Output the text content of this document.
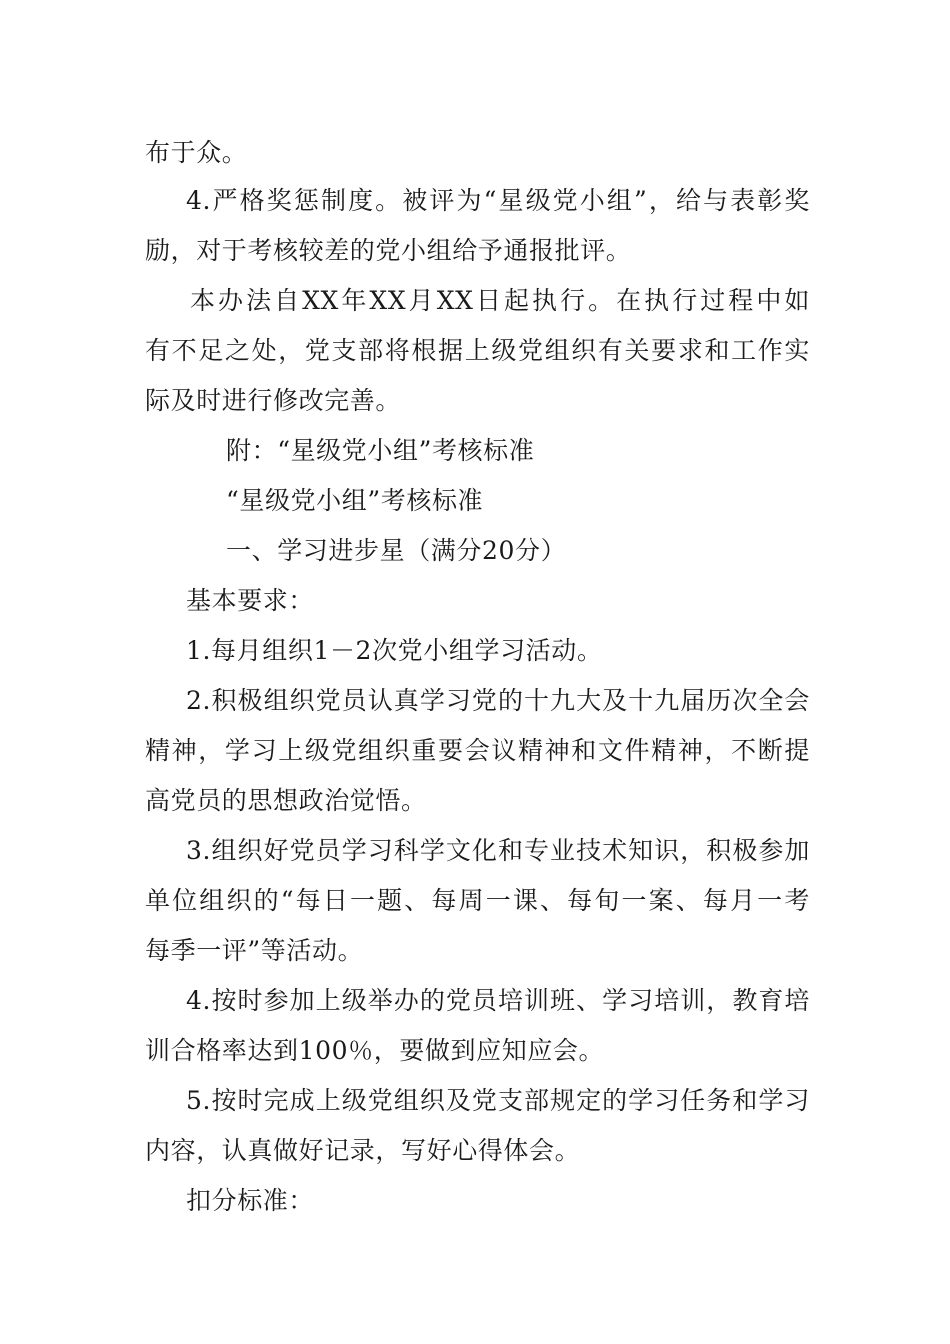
布于众。
4.严格奖惩制度。被评为“星级党小组”，给与表彰奖
励，对于考核较差的党小组给予通报批评。
本办法自XX年XX月XX日起执行。在执行过程中如
有不足之处，党支部将根据上级党组织有关要求和工作实
际及时进行修改完善。
附：“星级党小组”考核标准
“星级党小组”考核标准
一、学习进步星（满分20分）
基本要求：
1.每月组织1－2次党小组学习活动。
2.积极组织党员认真学习党的十九大及十九届历次全会
精神，学习上级党组织重要会议精神和文件精神，不断提
高党员的思想政治觉悟。
3.组织好党员学习科学文化和专业技术知识，积极参加
单位组织的“每日一题、每周一课、每旬一案、每月一考
每季一评”等活动。
4.按时参加上级举办的党员培训班、学习培训，教育培
训合格率达到100％，要做到应知应会。
5.按时完成上级党组织及党支部规定的学习任务和学习
内容，认真做好记录，写好心得体会。
扣分标准：
